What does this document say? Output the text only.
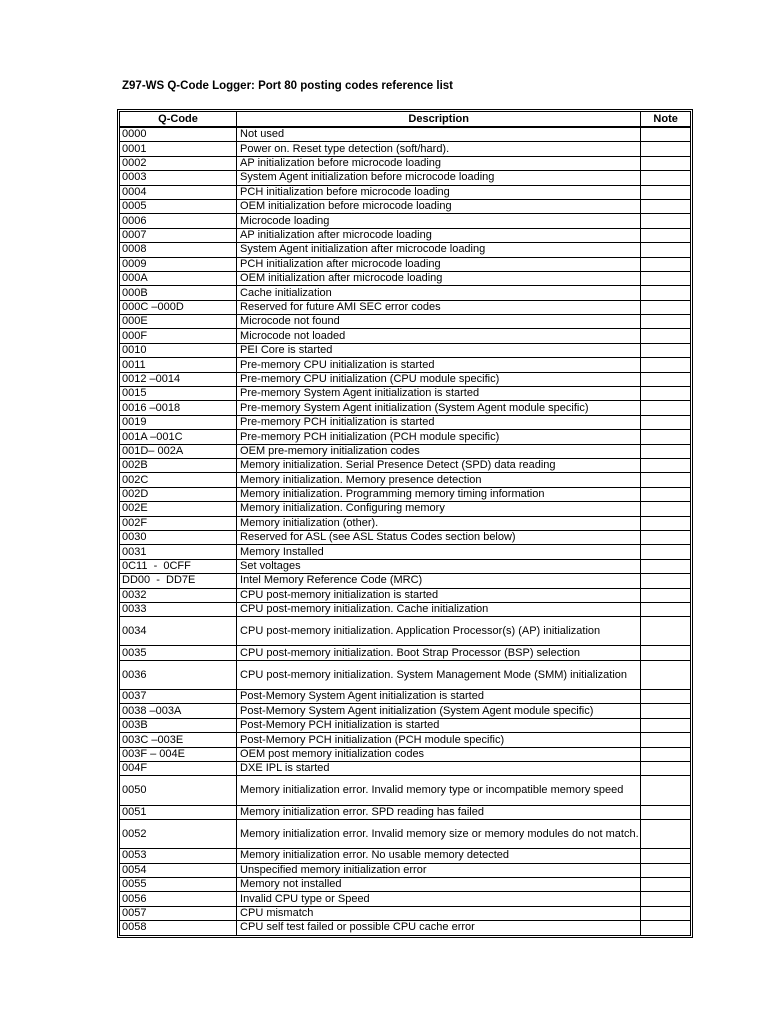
Z97-WS Q-Code Logger: Port 80 posting codes reference list
Q-Code	Description	Note
0000	Not used	
0001	Power on. Reset type detection (soft/hard).	
0002	AP initialization before microcode loading	
0003	System Agent initialization before microcode loading	
0004	PCH initialization before microcode loading	
0005	OEM initialization before microcode loading	
0006	Microcode loading	
0007	AP initialization after microcode loading	
0008	System Agent initialization after microcode loading	
0009	PCH initialization after microcode loading	
000A	OEM initialization after microcode loading	
000B	Cache initialization	
000C –000D	Reserved for future AMI SEC error codes	
000E	Microcode not found	
000F	Microcode not loaded	
0010	PEI Core is started	
0011	Pre-memory CPU initialization is started	
0012 –0014	Pre-memory CPU initialization (CPU module specific)	
0015	Pre-memory System Agent initialization is started	
0016 –0018	Pre-memory System Agent initialization (System Agent module specific)	
0019	Pre-memory PCH initialization is started	
001A –001C	Pre-memory PCH initialization (PCH module specific)	
001D– 002A	OEM pre-memory initialization codes	
002B	Memory initialization. Serial Presence Detect (SPD) data reading	
002C	Memory initialization. Memory presence detection	
002D	Memory initialization. Programming memory timing information	
002E	Memory initialization. Configuring memory	
002F	Memory initialization (other).	
0030	Reserved for ASL (see ASL Status Codes section below)	
0031	Memory Installed	
0C11  -  0CFF	Set voltages	
DD00  -  DD7E	Intel Memory Reference Code (MRC)	
0032	CPU post-memory initialization is started	
0033	CPU post-memory initialization. Cache initialization	
0034	CPU post-memory initialization. Application Processor(s) (AP) initialization	
0035	CPU post-memory initialization. Boot Strap Processor (BSP) selection	
0036	CPU post-memory initialization. System Management Mode (SMM) initialization	
0037	Post-Memory System Agent initialization is started	
0038 –003A	Post-Memory System Agent initialization (System Agent module specific)	
003B	Post-Memory PCH initialization is started	
003C –003E	Post-Memory PCH initialization (PCH module specific)	
003F – 004E	OEM post memory initialization codes	
004F	DXE IPL is started	
0050	Memory initialization error. Invalid memory type or incompatible memory speed	
0051	Memory initialization error. SPD reading has failed	
0052	Memory initialization error. Invalid memory size or memory modules do not match.	
0053	Memory initialization error. No usable memory detected	
0054	Unspecified memory initialization error	
0055	Memory not installed	
0056	Invalid CPU type or Speed	
0057	CPU mismatch	
0058	CPU self test failed or possible CPU cache error	
